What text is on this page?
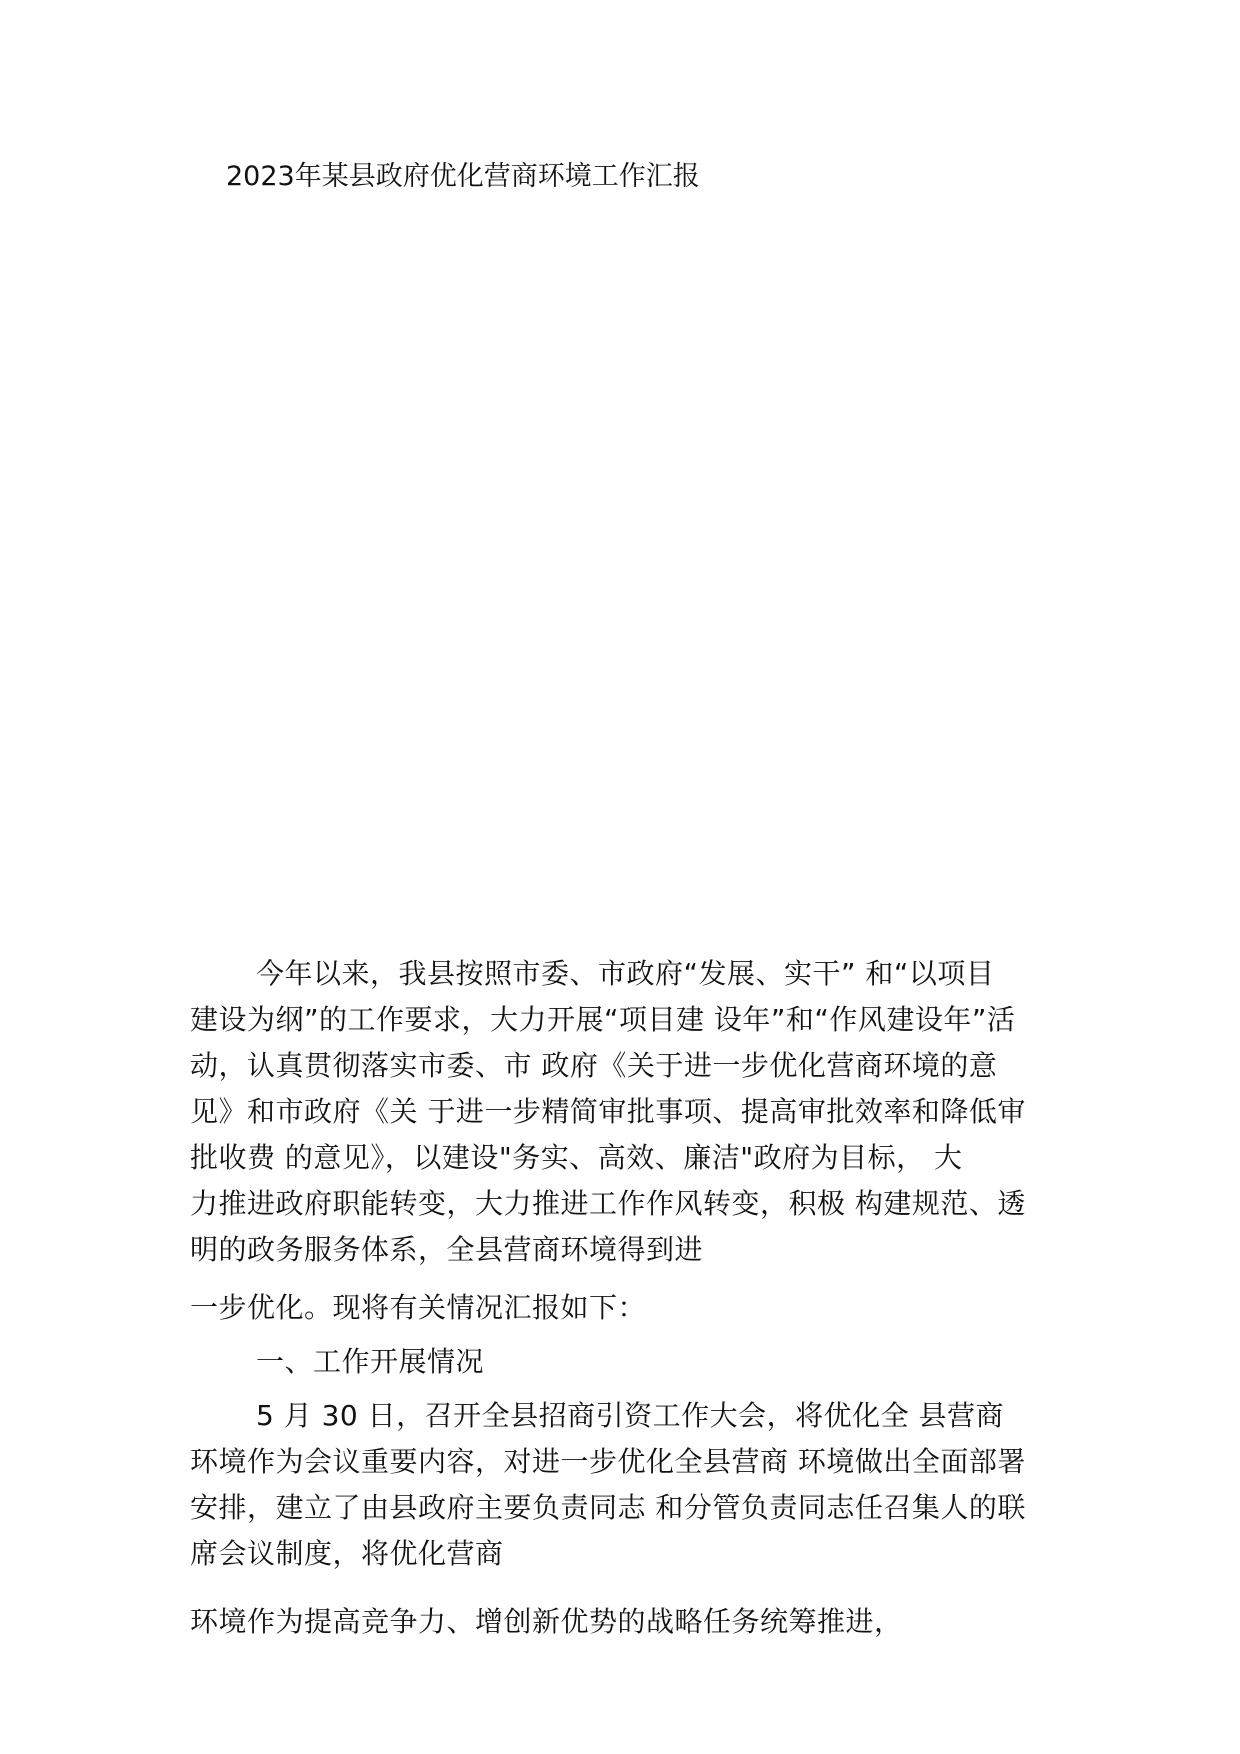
2023年某县政府优化营商环境工作汇报
今年以来，我县按照市委、市政府“发展、实干” 和“以项目
建设为纲”的工作要求，大力开展“项目建 设年”和“作风建设年”活
动，认真贯彻落实市委、市 政府《关于进一步优化营商环境的意
见》和市政府《关 于进一步精简审批事项、提高审批效率和降低审
批收费 的意见》，以建设"务实、高效、廉洁"政府为目标， 大
力推进政府职能转变，大力推进工作作风转变，积极 构建规范、透
明的政务服务体系，全县营商环境得到进
一步优化。现将有关情况汇报如下：
一、工作开展情况
5 月 30 日，召开全县招商引资工作大会，将优化全 县营商
环境作为会议重要内容，对进一步优化全县营商 环境做出全面部署
安排，建立了由县政府主要负责同志 和分管负责同志任召集人的联
席会议制度，将优化营商
环境作为提高竞争力、增创新优势的战略任务统筹推进，
